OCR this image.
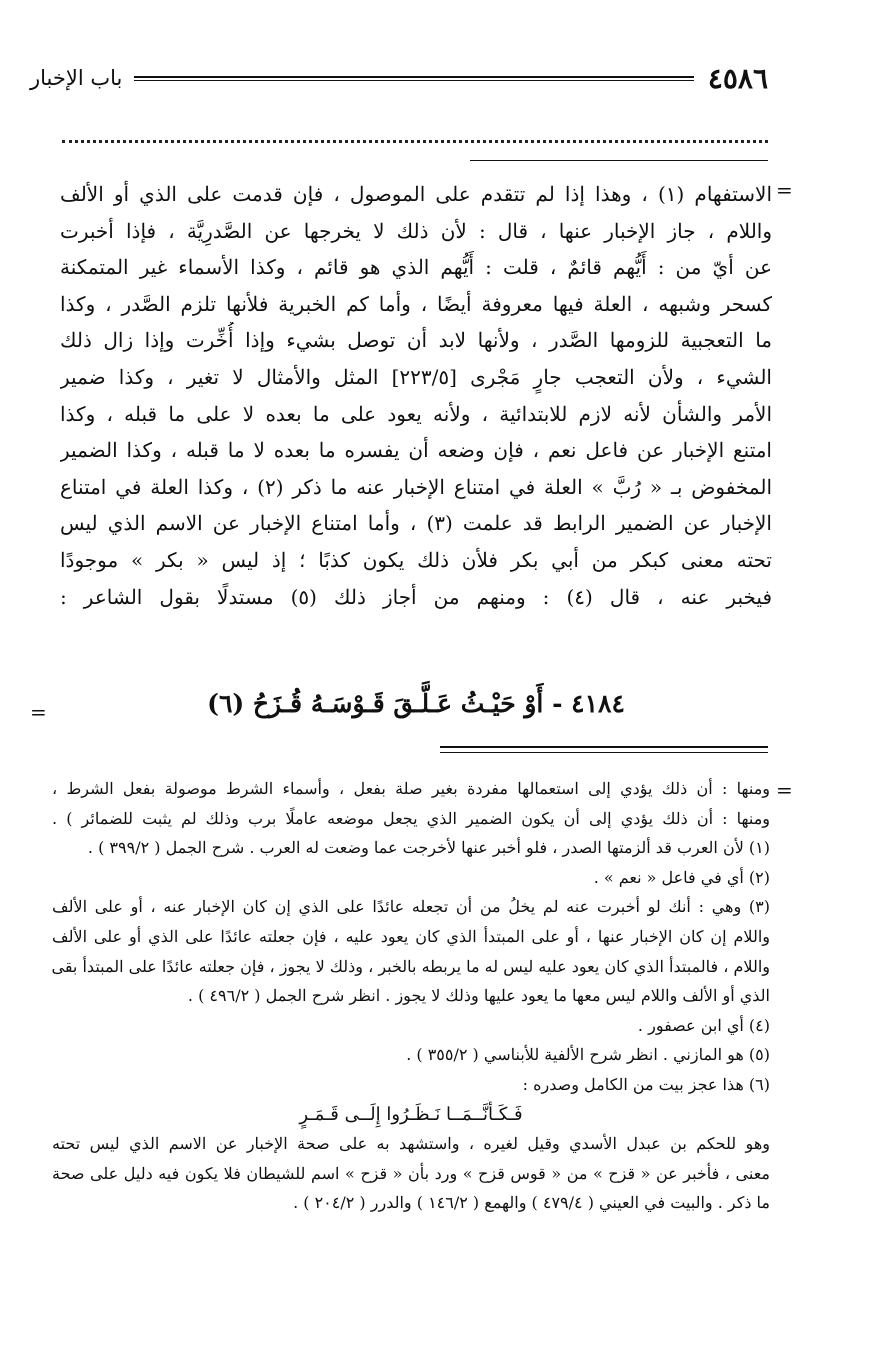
٤٥٨٦
باب الإخبار
=
=
=
الاستفهام (١) ، وهذا إذا لم تتقدم على الموصول ، فإن قدمت على الذي أو الألف
واللام ، جاز الإخبار عنها ، قال : لأن ذلك لا يخرجها عن الصَّدرِيَّة ، فإذا أخبرت
عن أيّ من : أَيُّهم قائمٌ ، قلت : أَيُّهم الذي هو قائم ، وكذا الأسماء غير المتمكنة
كسحر وشبهه ، العلة فيها معروفة أيضًا ، وأما كم الخبرية فلأنها تلزم الصَّدر ، وكذا
ما التعجبية للزومها الصَّدر ، ولأنها لابد أن توصل بشيء وإذا أُخِّرت وإذا زال ذلك
الشيء ، ولأن التعجب جارٍ مَجْرى [٢٢٣/٥] المثل والأمثال لا تغير ، وكذا ضمير
الأمر والشأن لأنه لازم للابتدائية ، ولأنه يعود على ما بعده لا على ما قبله ، وكذا
امتنع الإخبار عن فاعل نعم ، فإن وضعه أن يفسره ما بعده لا ما قبله ، وكذا الضمير
المخفوض بـ « رُبَّ » العلة في امتناع الإخبار عنه ما ذكر (٢) ، وكذا العلة في امتناع
الإخبار عن الضمير الرابط قد علمت (٣) ، وأما امتناع الإخبار عن الاسم الذي ليس
تحته معنى كبكر من أبي بكر فلأن ذلك يكون كذبًا ؛ إذ ليس « بكر » موجودًا
فيخبر عنه ، قال (٤) : ومنهم من أجاز ذلك (٥) مستدلًا بقول الشاعر :
٤١٨٤ - أَوْ حَيْـثُ عَـلَّـقَ قَـوْسَـهُ قُـزَحُ (٦)
ومنها : أن ذلك يؤدي إلى استعمالها مفردة بغير صلة بفعل ، وأسماء الشرط موصولة بفعل الشرط ،
ومنها : أن ذلك يؤدي إلى أن يكون الضمير الذي يجعل موضعه عاملًا برب وذلك لم يثبت للضمائر ) .
(١) لأن العرب قد ألزمتها الصدر ، فلو أخبر عنها لأخرجت عما وضعت له العرب . شرح الجمل ( ٣٩٩/٢ ) .
(٢) أي في فاعل « نعم » .
(٣) وهي : أنك لو أخبرت عنه لم يخلُ من أن تجعله عائدًا على الذي إن كان الإخبار عنه ، أو على الألف
واللام إن كان الإخبار عنها ، أو على المبتدأ الذي كان يعود عليه ، فإن جعلته عائدًا على الذي أو على الألف
واللام ، فالمبتدأ الذي كان يعود عليه ليس له ما يربطه بالخبر ، وذلك لا يجوز ، فإن جعلته عائدًا على المبتدأ بقى
الذي أو الألف واللام ليس معها ما يعود عليها وذلك لا يجوز . انظر شرح الجمل ( ٤٩٦/٢ ) .
(٤) أي ابن عصفور .
(٥) هو المازني . انظر شرح الألفية للأبناسي ( ٣٥٥/٢ ) .
(٦) هذا عجز بيت من الكامل وصدره :
فَـكَـأَنَّــمَــا نَـظَـرُوا إِلَــى قَـمَـرٍ
وهو للحكم بن عبدل الأسدي وقيل لغيره ، واستشهد به على صحة الإخبار عن الاسم الذي ليس تحته
معنى ، فأخبر عن « قزح » من « قوس قزح » ورد بأن « قزح » اسم للشيطان فلا يكون فيه دليل على صحة
ما ذكر . والبيت في العيني ( ٤٧٩/٤ ) والهمع ( ١٤٦/٢ ) والدرر ( ٢٠٤/٢ ) .
